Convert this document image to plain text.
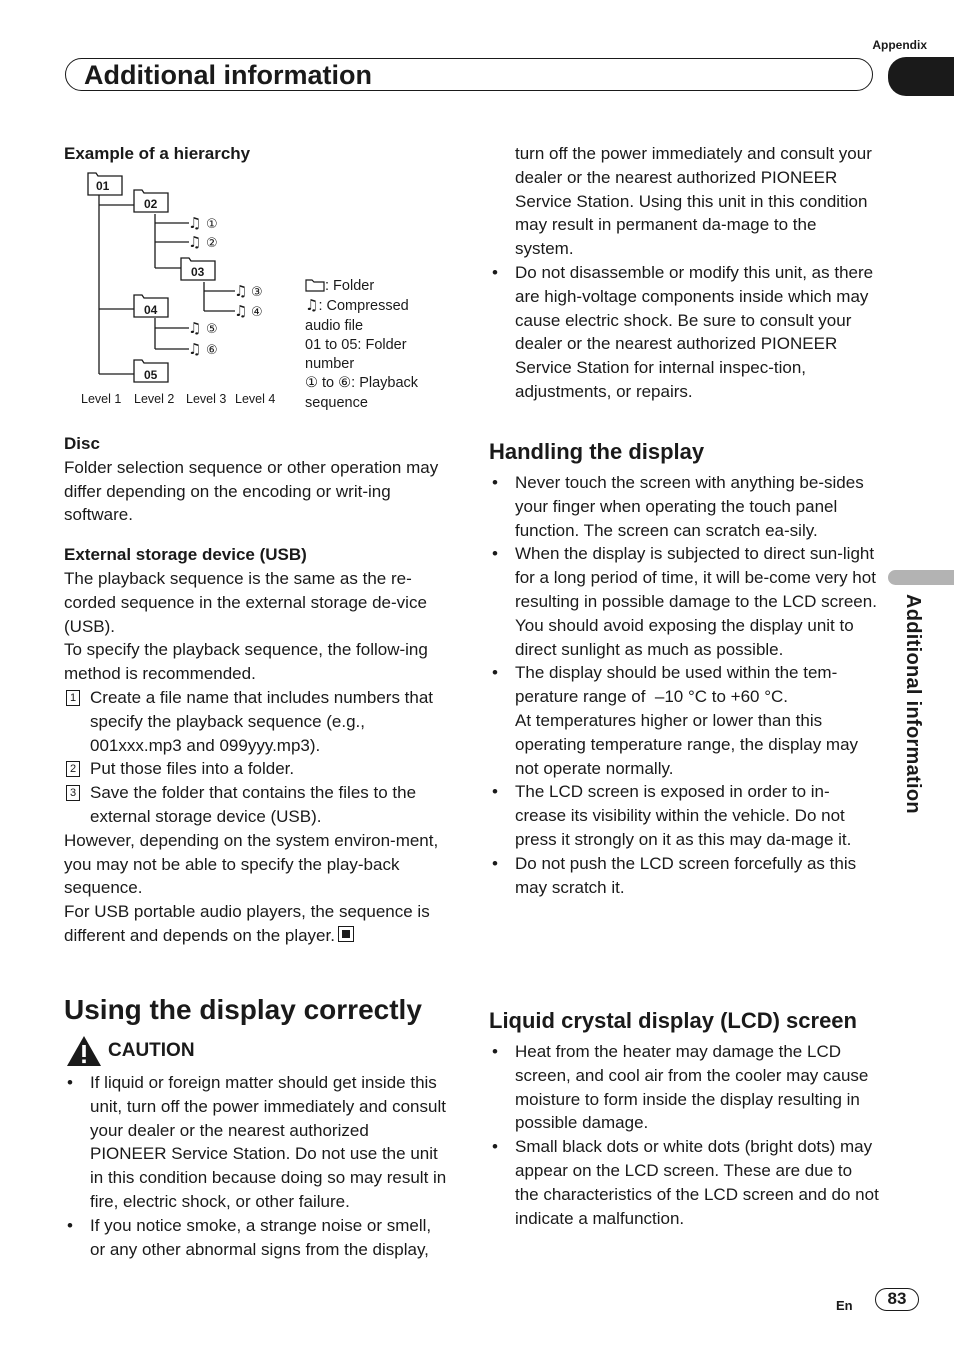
Appendix
Additional information
Additional information

Example of a hierarchy

01
02
03
04
05
♫
♫
♫
♫
♫
♫
①
②
③
④
⑤
⑥
Level 1 Level 2 Level 3 Level 4
: Folder
♫: Compressed audio file
01 to 05: Folder number
① to ⑥: Playback sequence

Disc

Folder selection sequence or other operation may differ depending on the encoding or writ-ing software.

External storage device (USB)

The playback sequence is the same as the re-corded sequence in the external storage de-vice (USB).

To specify the playback sequence, the follow-ing method is recommended.

1 Create a file name that includes numbers that specify the playback sequence (e.g., 001xxx.mp3 and 099yyy.mp3).
2 Put those files into a folder.
3 Save the folder that contains the files to the external storage device (USB).

However, depending on the system environ-ment, you may not be able to specify the play-back sequence.

For USB portable audio players, the sequence is different and depends on the player.

Using the display correctly

CAUTION
• If liquid or foreign matter should get inside this unit, turn off the power immediately and consult your dealer or the nearest authorized PIONEER Service Station. Do not use the unit in this condition because doing so may result in fire, electric shock, or other failure.
• If you notice smoke, a strange noise or smell, or any other abnormal signs from the display,

turn off the power immediately and consult your dealer or the nearest authorized PIONEER Service Station. Using this unit in this condition may result in permanent da-mage to the system.

• Do not disassemble or modify this unit, as there are high-voltage components inside which may cause electric shock. Be sure to consult your dealer or the nearest authorized PIONEER Service Station for internal inspec-tion, adjustments, or repairs.

Handling the display

• Never touch the screen with anything be-sides your finger when operating the touch panel function. The screen can scratch ea-sily.
• When the display is subjected to direct sun-light for a long period of time, it will be-come very hot resulting in possible damage to the LCD screen. You should avoid exposing the display unit to direct sunlight as much as possible.
• The display should be used within the tem-perature range of  –10 °C to +60 °C.
At temperatures higher or lower than this operating temperature range, the display may not operate normally.
• The LCD screen is exposed in order to in-crease its visibility within the vehicle. Do not press it strongly on it as this may da-mage it.
• Do not push the LCD screen forcefully as this may scratch it.

Liquid crystal display (LCD) screen

• Heat from the heater may damage the LCD screen, and cool air from the cooler may cause moisture to form inside the display resulting in possible damage.
• Small black dots or white dots (bright dots) may appear on the LCD screen. These are due to the characteristics of the LCD screen and do not indicate a malfunction.
En	83
